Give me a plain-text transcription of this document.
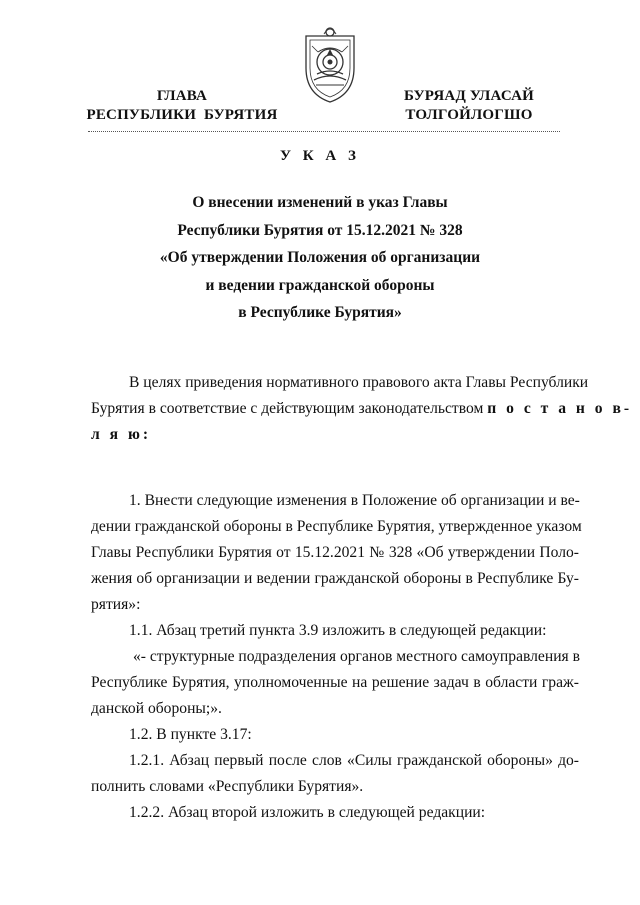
ГЛАВА
РЕСПУБЛИКИ  БУРЯТИЯ
БУРЯАД УЛАСАЙ
ТОЛГОЙЛОГШО
У К А З
О внесении изменений в указ Главы
Республики Бурятия от 15.12.2021 № 328
«Об утверждении Положения об организации
и ведении гражданской обороны
в Республике Бурятия»
В целях приведения нормативного правового акта Главы Республики
Бурятия в соответствие с действующим законодательством п о с т а н о в-
л я ю:
1. Внести следующие изменения в Положение об организации и ве-
дении гражданской обороны в Республике Бурятия, утвержденное указом
Главы Республики Бурятия от 15.12.2021 № 328 «Об утверждении Поло-
жения об организации и ведении гражданской обороны в Республике Бу-
рятия»:
1.1. Абзац третий пункта 3.9 изложить в следующей редакции:
«- структурные подразделения органов местного самоуправления в
Республике Бурятия, уполномоченные на решение задач в области граж-
данской обороны;».
1.2. В пункте 3.17:
1.2.1. Абзац первый после слов «Силы гражданской обороны» до-
полнить словами «Республики Бурятия».
1.2.2. Абзац второй изложить в следующей редакции:
